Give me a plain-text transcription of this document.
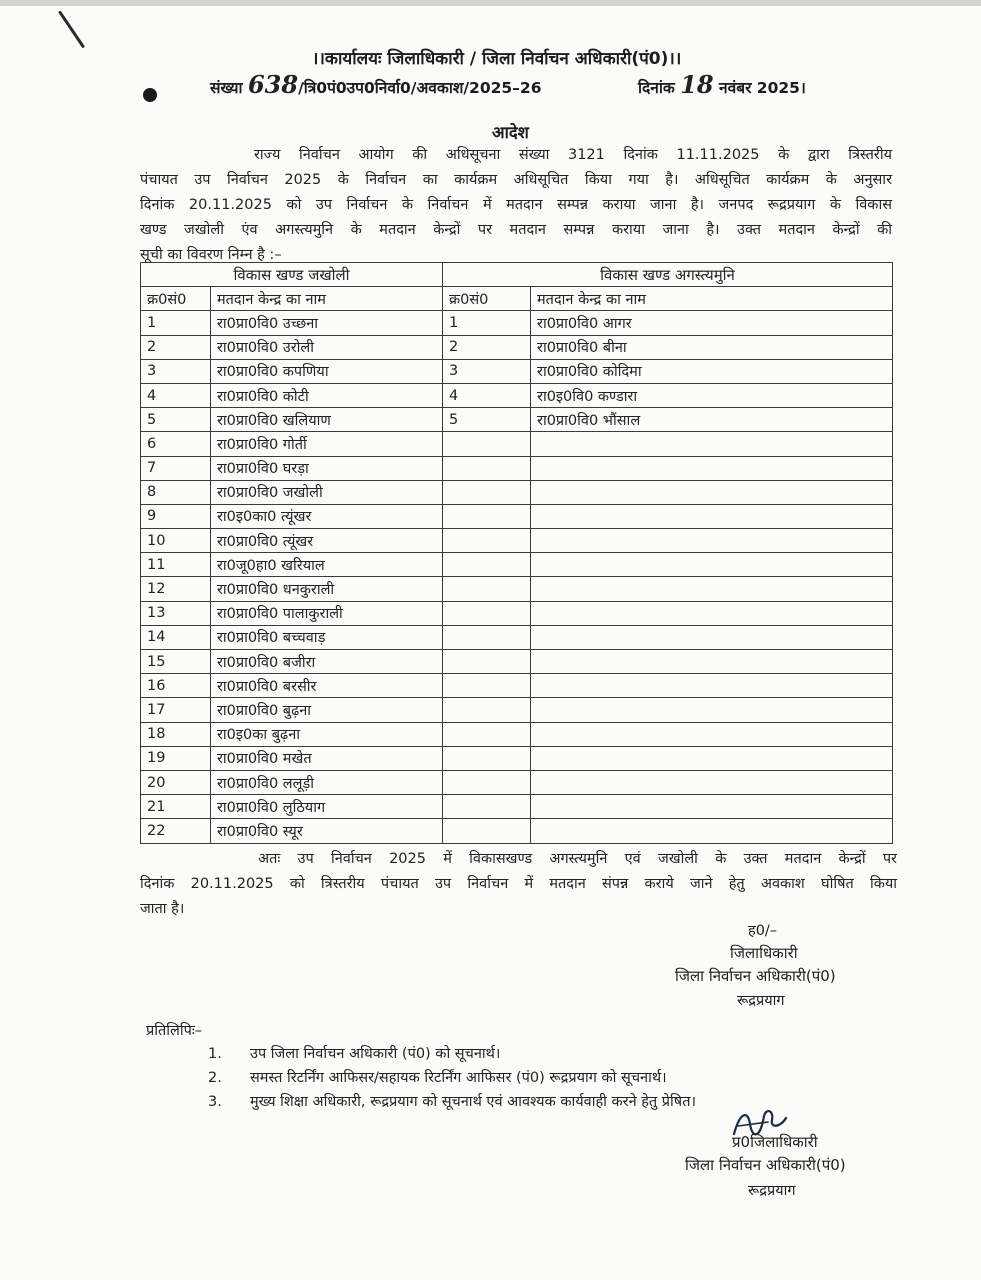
।।कार्यालयः जिलाधिकारी / जिला निर्वाचन अधिकारी(पं0)।।
संख्या 638/त्रि0पं0उप0निर्वा0/अवकाश/2025–26	दिनांक 18 नवंबर 2025।
आदेश
राज्य निर्वाचन आयोग की अधिसूचना संख्या 3121 दिनांक 11.11.2025 के द्वारा त्रिस्तरीय
पंचायत उप निर्वाचन 2025 के निर्वाचन का कार्यक्रम अधिसूचित किया गया है। अधिसूचित कार्यक्रम के अनुसार
दिनांक 20.11.2025 को उप निर्वाचन के निर्वाचन में मतदान सम्पन्न कराया जाना है। जनपद रूद्रप्रयाग के विकास
खण्ड जखोली एंव अगस्त्यमुनि के मतदान केन्द्रों पर मतदान सम्पन्न कराया जाना है। उक्त मतदान केन्द्रों की
सूची का विवरण निम्न है :–
विकास खण्ड जखोली		विकास खण्ड अगस्त्यमुनि	
क्र0सं0	मतदान केन्द्र का नाम	क्र0सं0	मतदान केन्द्र का नाम
1	रा0प्रा0वि0 उच्छना	1	रा0प्रा0वि0 आगर
2	रा0प्रा0वि0 उरोली	2	रा0प्रा0वि0 बीना
3	रा0प्रा0वि0 कपणिया	3	रा0प्रा0वि0 कोदिमा
4	रा0प्रा0वि0 कोटी	4	रा0इ0वि0 कण्डारा
5	रा0प्रा0वि0 खलियाण	5	रा0प्रा0वि0 भौंसाल
6	रा0प्रा0वि0 गोर्ती		
7	रा0प्रा0वि0 घरड़ा		
8	रा0प्रा0वि0 जखोली		
9	रा0इ0का0 त्यूंखर		
10	रा0प्रा0वि0 त्यूंखर		
11	रा0जू0हा0 खरियाल		
12	रा0प्रा0वि0 धनकुराली		
13	रा0प्रा0वि0 पालाकुराली		
14	रा0प्रा0वि0 बच्चवाड़		
15	रा0प्रा0वि0 बजीरा		
16	रा0प्रा0वि0 बरसीर		
17	रा0प्रा0वि0 बुढ़ना		
18	रा0इ0का बुढ़ना		
19	रा0प्रा0वि0 मखेत		
20	रा0प्रा0वि0 ललूड़ी		
21	रा0प्रा0वि0 लुठियाग		
22	रा0प्रा0वि0 स्यूर		
अतः उप निर्वाचन 2025 में विकासखण्ड अगस्त्यमुनि एवं जखोली के उक्त मतदान केन्द्रों पर
दिनांक 20.11.2025 को त्रिस्तरीय पंचायत उप निर्वाचन में मतदान संपन्न कराये जाने हेतु अवकाश घोषित किया
जाता है।
ह0/–
जिलाधिकारी
जिला निर्वाचन अधिकारी(पं0)
रूद्रप्रयाग
प्रतिलिपिः–
1. उप जिला निर्वाचन अधिकारी (पं0) को सूचनार्थ।
2. समस्त रिटर्निंग आफिसर/सहायक रिटर्निंग आफिसर (पं0) रूद्रप्रयाग को सूचनार्थ।
3. मुख्य शिक्षा अधिकारी, रूद्रप्रयाग को सूचनार्थ एवं आवश्यक कार्यवाही करने हेतु प्रेषित।
प्र0जिलाधिकारी
जिला निर्वाचन अधिकारी(पं0)
रूद्रप्रयाग
